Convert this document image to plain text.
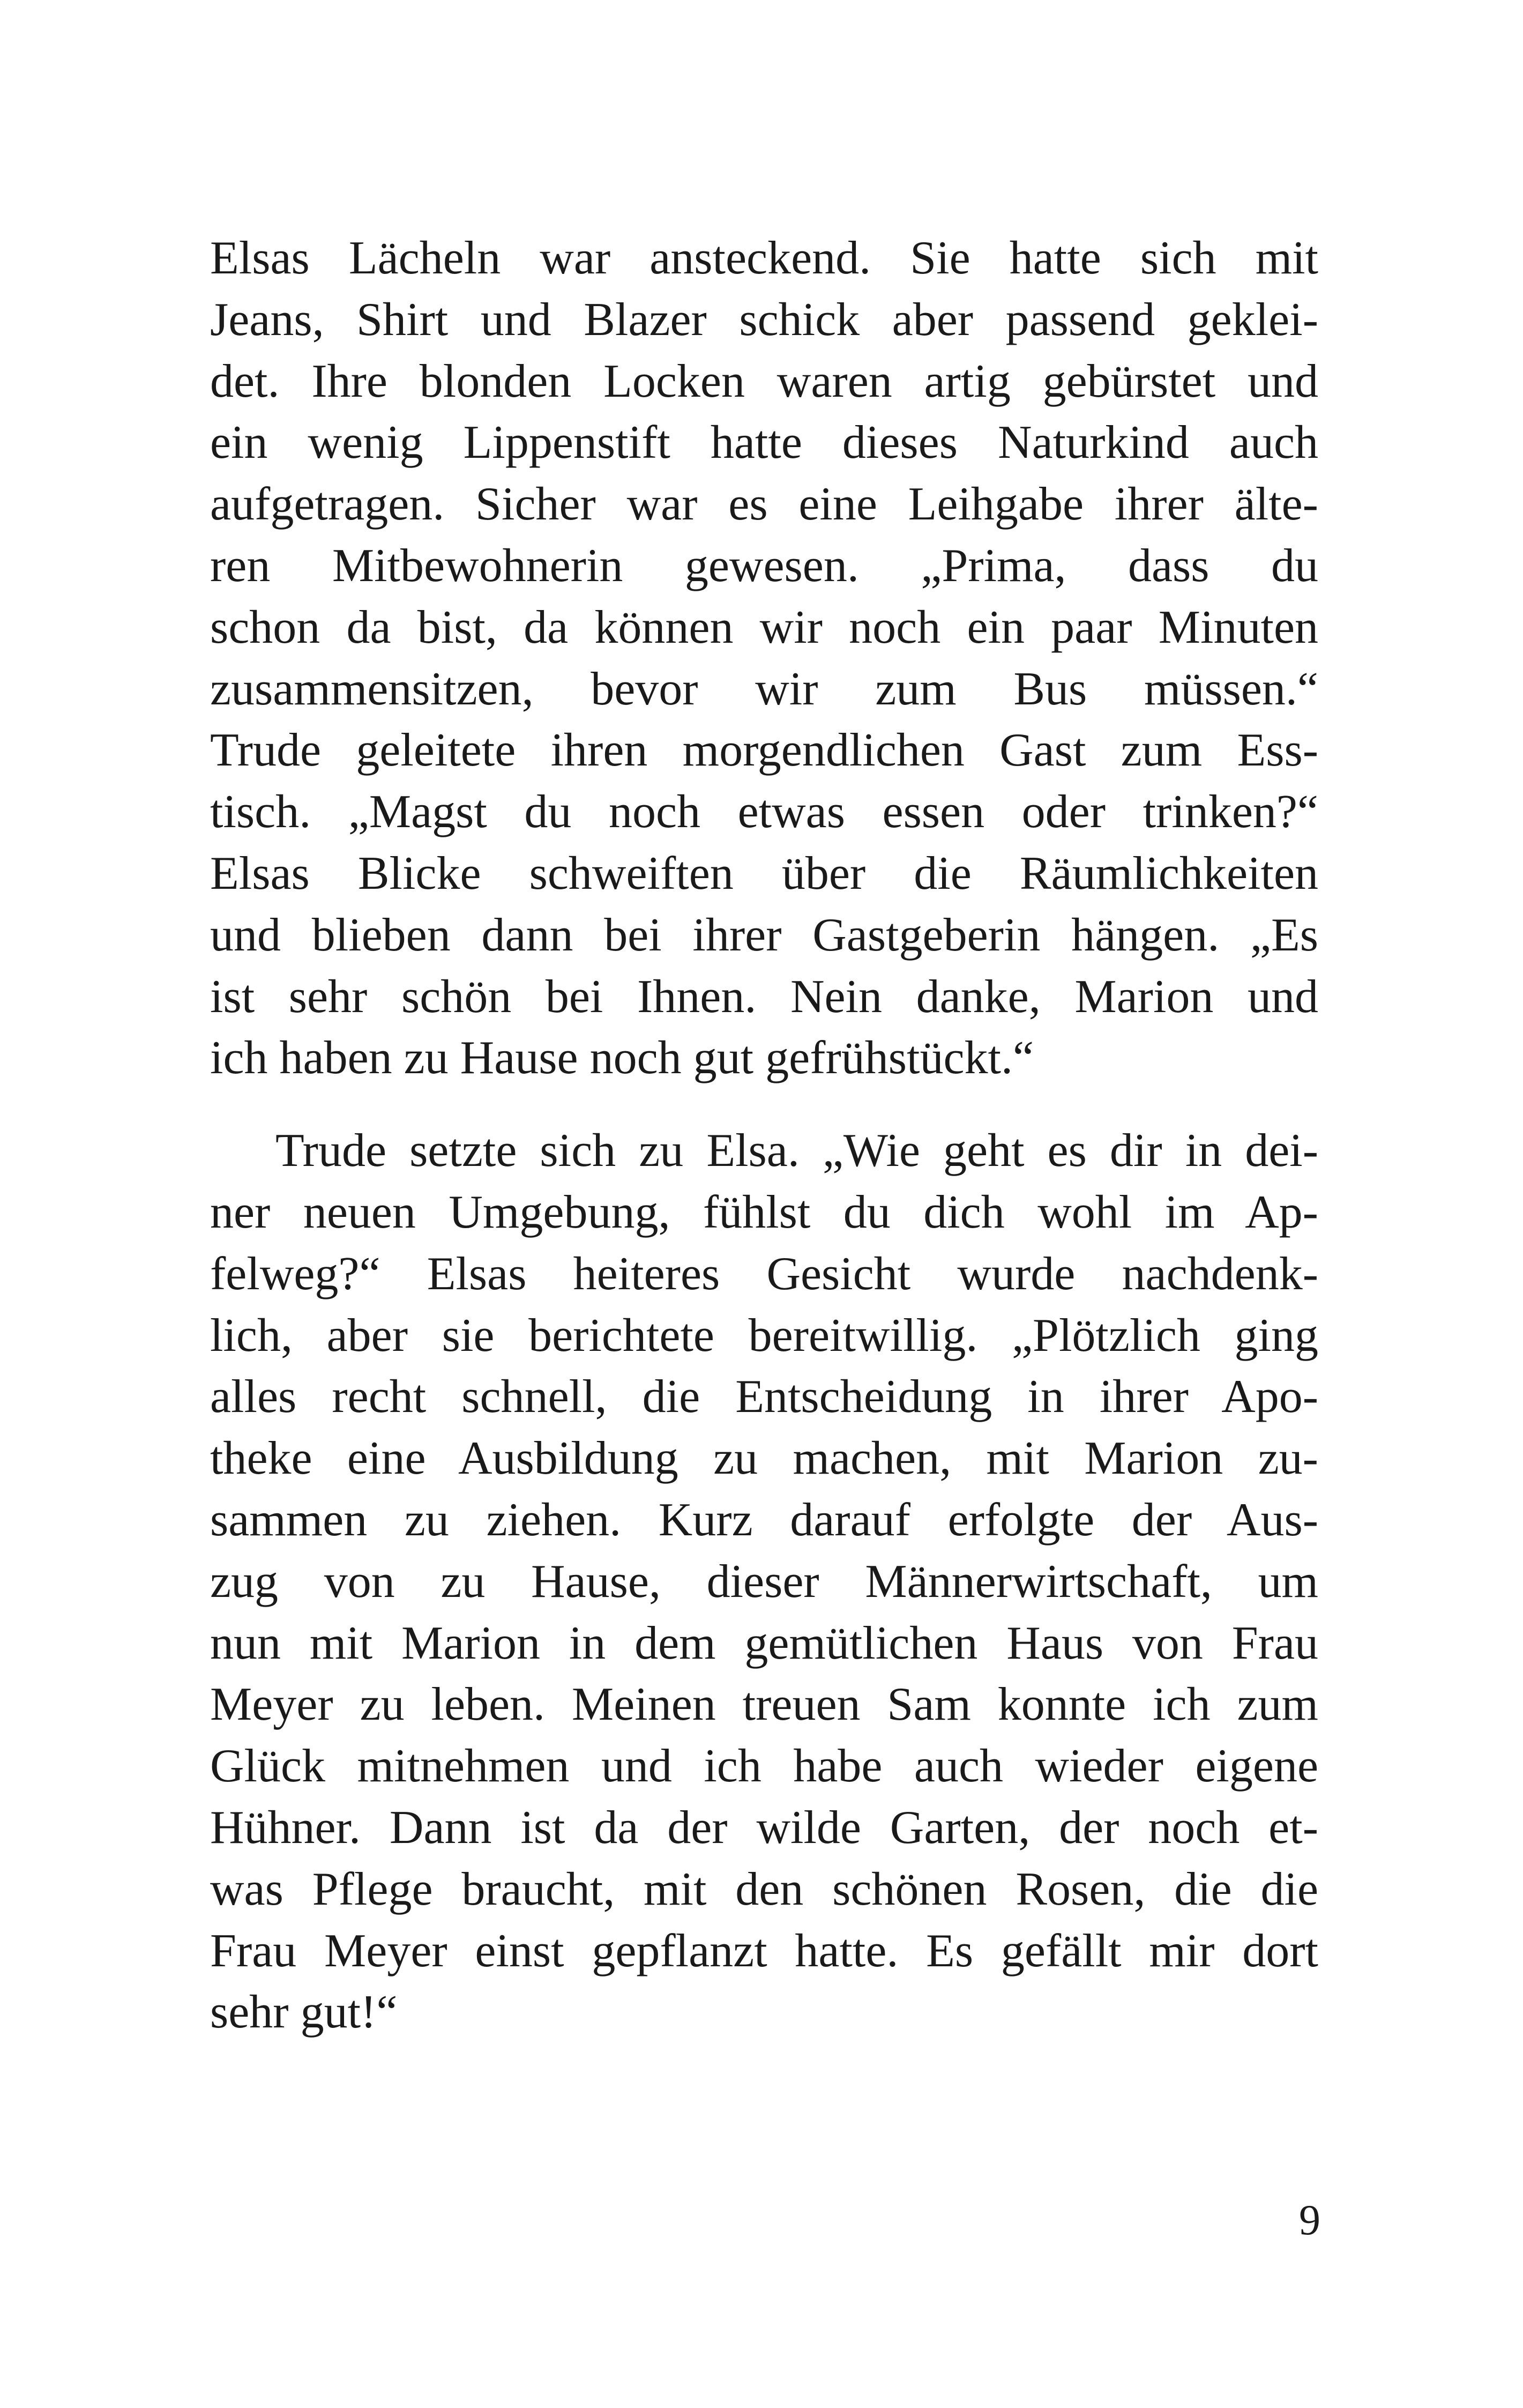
Elsas Lächeln war ansteckend. Sie hatte sich mit
Jeans, Shirt und Blazer schick aber passend geklei-
det. Ihre blonden Locken waren artig gebürstet und
ein wenig Lippenstift hatte dieses Naturkind auch
aufgetragen. Sicher war es eine Leihgabe ihrer älte-
ren Mitbewohnerin gewesen. „Prima, dass du
schon da bist, da können wir noch ein paar Minuten
zusammensitzen, bevor wir zum Bus müssen.“
Trude geleitete ihren morgendlichen Gast zum Ess-
tisch. „Magst du noch etwas essen oder trinken?“
Elsas Blicke schweiften über die Räumlichkeiten
und blieben dann bei ihrer Gastgeberin hängen. „Es
ist sehr schön bei Ihnen. Nein danke, Marion und
ich haben zu Hause noch gut gefrühstückt.“

Trude setzte sich zu Elsa. „Wie geht es dir in dei-
ner neuen Umgebung, fühlst du dich wohl im Ap-
felweg?“ Elsas heiteres Gesicht wurde nachdenk-
lich, aber sie berichtete bereitwillig. „Plötzlich ging
alles recht schnell, die Entscheidung in ihrer Apo-
theke eine Ausbildung zu machen, mit Marion zu-
sammen zu ziehen. Kurz darauf erfolgte der Aus-
zug von zu Hause, dieser Männerwirtschaft, um
nun mit Marion in dem gemütlichen Haus von Frau
Meyer zu leben. Meinen treuen Sam konnte ich zum
Glück mitnehmen und ich habe auch wieder eigene
Hühner. Dann ist da der wilde Garten, der noch et-
was Pflege braucht, mit den schönen Rosen, die die
Frau Meyer einst gepflanzt hatte. Es gefällt mir dort
sehr gut!“

9
